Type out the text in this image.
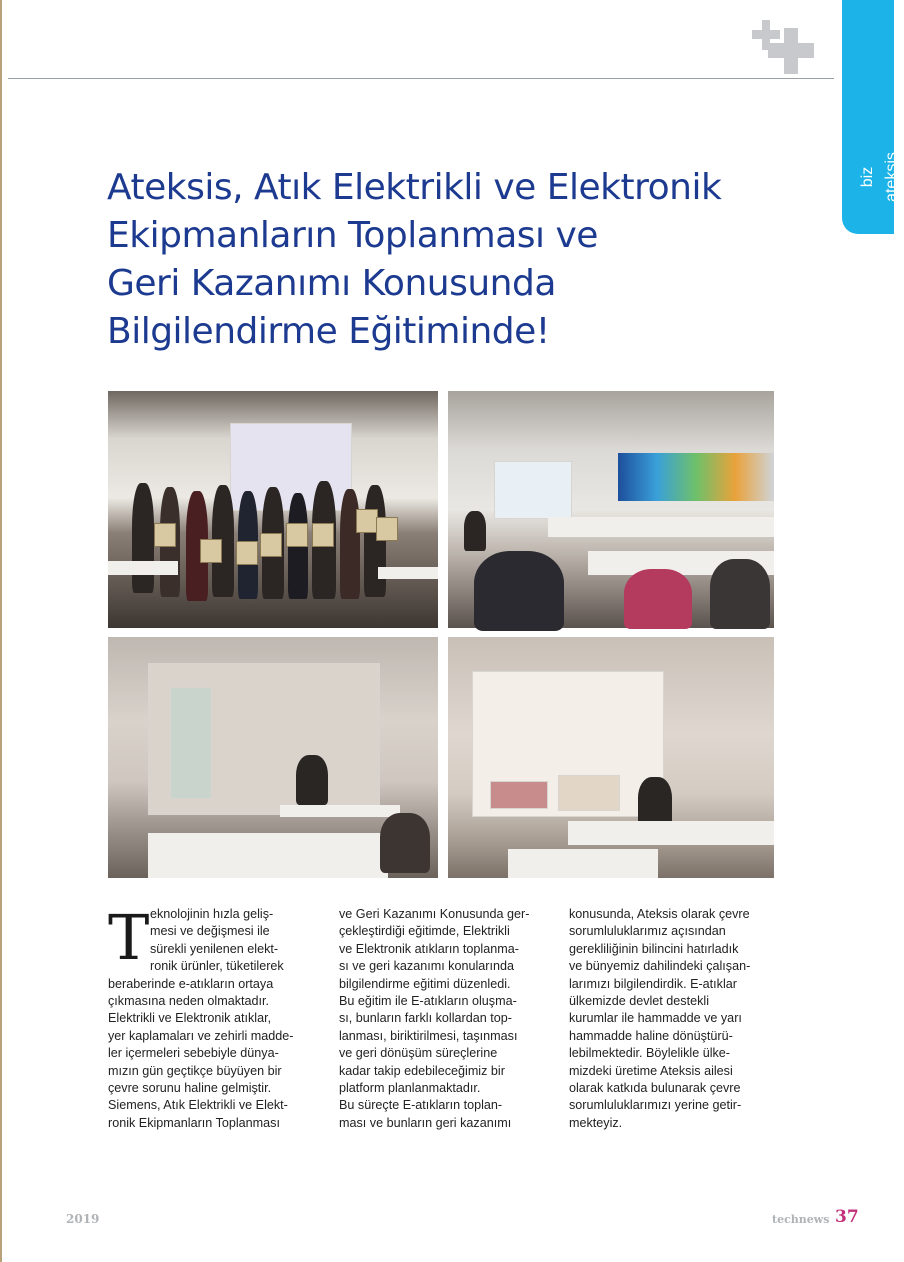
biz ateksis
Ateksis, Atık Elektrikli ve Elektronik
Ekipmanların Toplanması ve
Geri Kazanımı Konusunda
Bilgilendirme Eğitiminde!
T eknolojinin hızla geliş-

mesi ve değişmesi ile

sürekli yenilenen elekt-

ronik ürünler, tüketilerek

beraberinde e-atıkların ortaya

çıkmasına neden olmaktadır.

Elektrikli ve Elektronik atıklar,

yer kaplamaları ve zehirli madde-

ler içermeleri sebebiyle dünya-

mızın gün geçtikçe büyüyen bir

çevre sorunu haline gelmiştir.

Siemens, Atık Elektrikli ve Elekt-

ronik Ekipmanların Toplanması

ve Geri Kazanımı Konusunda ger-

çekleştirdiği eğitimde, Elektrikli

ve Elektronik atıkların toplanma-

sı ve geri kazanımı konularında

bilgilendirme eğitimi düzenledi.

Bu eğitim ile E-atıkların oluşma-

sı, bunların farklı kollardan top-

lanması, biriktirilmesi, taşınması

ve geri dönüşüm süreçlerine

kadar takip edebileceğimiz bir

platform planlanmaktadır.

Bu süreçte E-atıkların toplan-

ması ve bunların geri kazanımı

konusunda, Ateksis olarak çevre

sorumluluklarımız açısından

gerekliliğinin bilincini hatırladık

ve bünyemiz dahilindeki çalışan-

larımızı bilgilendirdik. E-atıklar

ülkemizde devlet destekli

kurumlar ile hammadde ve yarı

hammadde haline dönüştürü-

lebilmektedir. Böylelikle ülke-

mizdeki üretime Ateksis ailesi

olarak katkıda bulunarak çevre

sorumluluklarımızı yerine getir-

mekteyiz.

2019	technews 37
